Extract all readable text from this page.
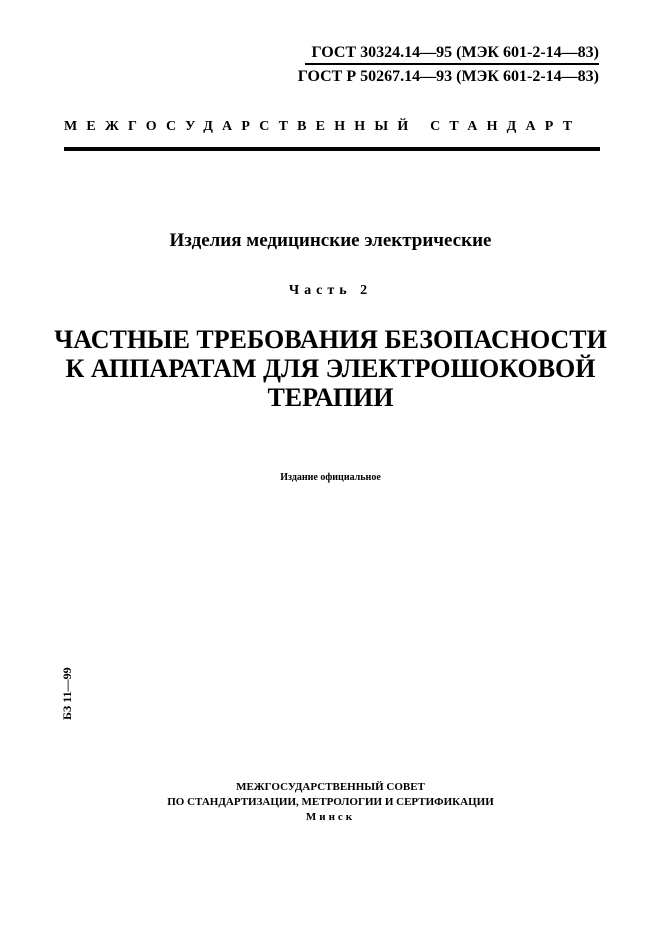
ГОСТ 30324.14—95 (МЭК 601-2-14—83)
ГОСТ Р 50267.14—93 (МЭК 601-2-14—83)
МЕЖГОСУДАРСТВЕННЫЙ СТАНДАРТ
Изделия медицинские электрические
Часть 2
ЧАСТНЫЕ ТРЕБОВАНИЯ БЕЗОПАСНОСТИ
К АППАРАТАМ ДЛЯ ЭЛЕКТРОШОКОВОЙ
ТЕРАПИИ
Издание официальное
БЗ 11—99
МЕЖГОСУДАРСТВЕННЫЙ СОВЕТ
ПО СТАНДАРТИЗАЦИИ, МЕТРОЛОГИИ И СЕРТИФИКАЦИИ
Минск
